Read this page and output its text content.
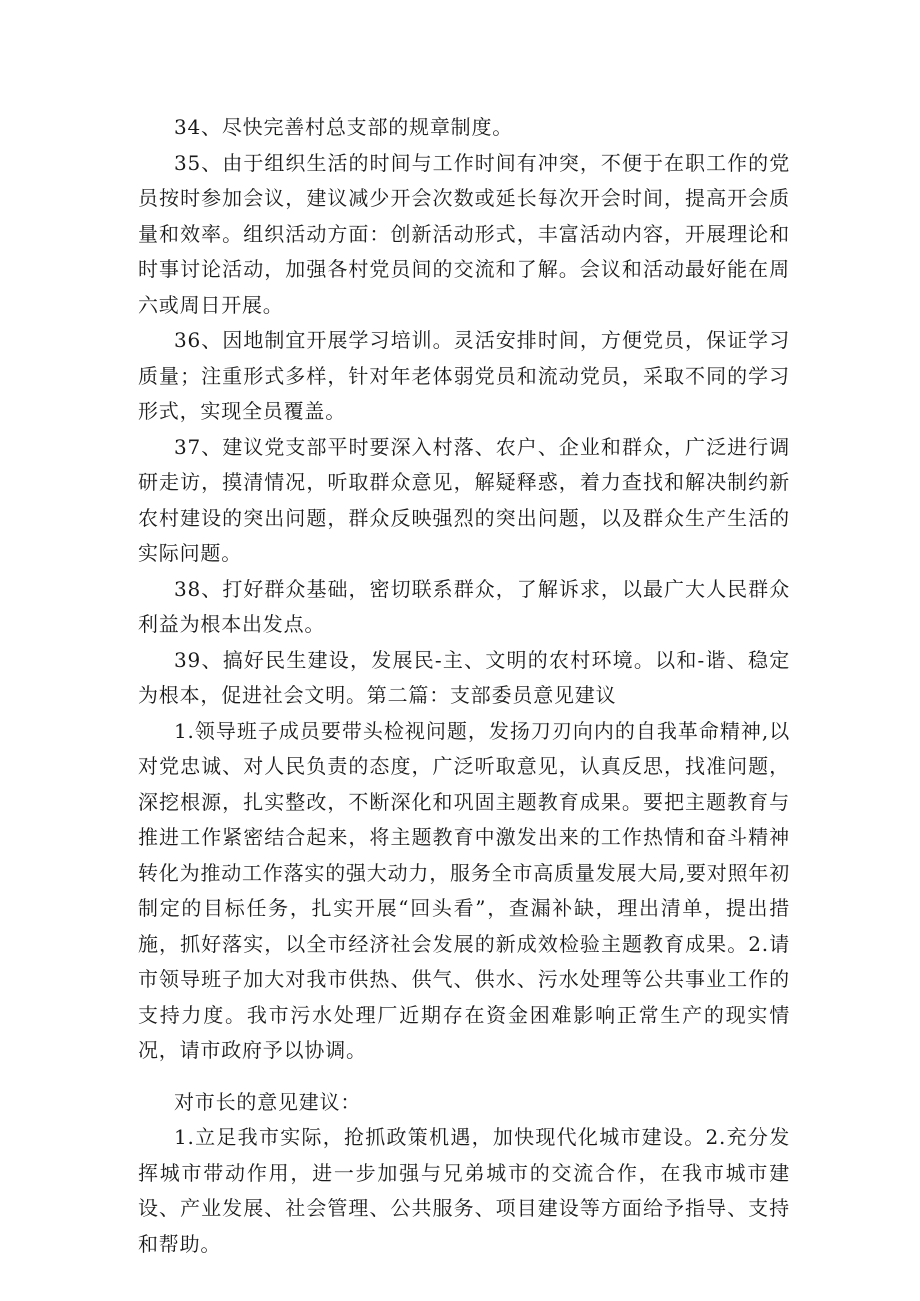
34、尽快完善村总支部的规章制度。

35、由于组织生活的时间与工作时间有冲突，不便于在职工作的党员按时参加会议，建议减少开会次数或延长每次开会时间，提高开会质量和效率。组织活动方面：创新活动形式，丰富活动内容，开展理论和时事讨论活动，加强各村党员间的交流和了解。会议和活动最好能在周六或周日开展。

36、因地制宜开展学习培训。灵活安排时间，方便党员，保证学习质量；注重形式多样，针对年老体弱党员和流动党员，采取不同的学习形式，实现全员覆盖。

37、建议党支部平时要深入村落、农户、企业和群众，广泛进行调研走访，摸清情况，听取群众意见，解疑释惑，着力查找和解决制约新农村建设的突出问题，群众反映强烈的突出问题，以及群众生产生活的实际问题。

38、打好群众基础，密切联系群众，了解诉求，以最广大人民群众利益为根本出发点。

39、搞好民生建设，发展民-主、文明的农村环境。以和-谐、稳定为根本，促进社会文明。第二篇：支部委员意见建议

1.领导班子成员要带头检视问题，发扬刀刃向内的自我革命精神,以对党忠诚、对人民负责的态度，广泛听取意见，认真反思，找准问题，深挖根源，扎实整改，不断深化和巩固主题教育成果。要把主题教育与推进工作紧密结合起来，将主题教育中激发出来的工作热情和奋斗精神转化为推动工作落实的强大动力，服务全市高质量发展大局,要对照年初制定的目标任务，扎实开展“回头看”，查漏补缺，理出清单，提出措施，抓好落实，以全市经济社会发展的新成效检验主题教育成果。2.请市领导班子加大对我市供热、供气、供水、污水处理等公共事业工作的支持力度。我市污水处理厂近期存在资金困难影响正常生产的现实情况，请市政府予以协调。

对市长的意见建议：

1.立足我市实际，抢抓政策机遇，加快现代化城市建设。2.充分发挥城市带动作用，进一步加强与兄弟城市的交流合作，在我市城市建设、产业发展、社会管理、公共服务、项目建设等方面给予指导、支持和帮助。
